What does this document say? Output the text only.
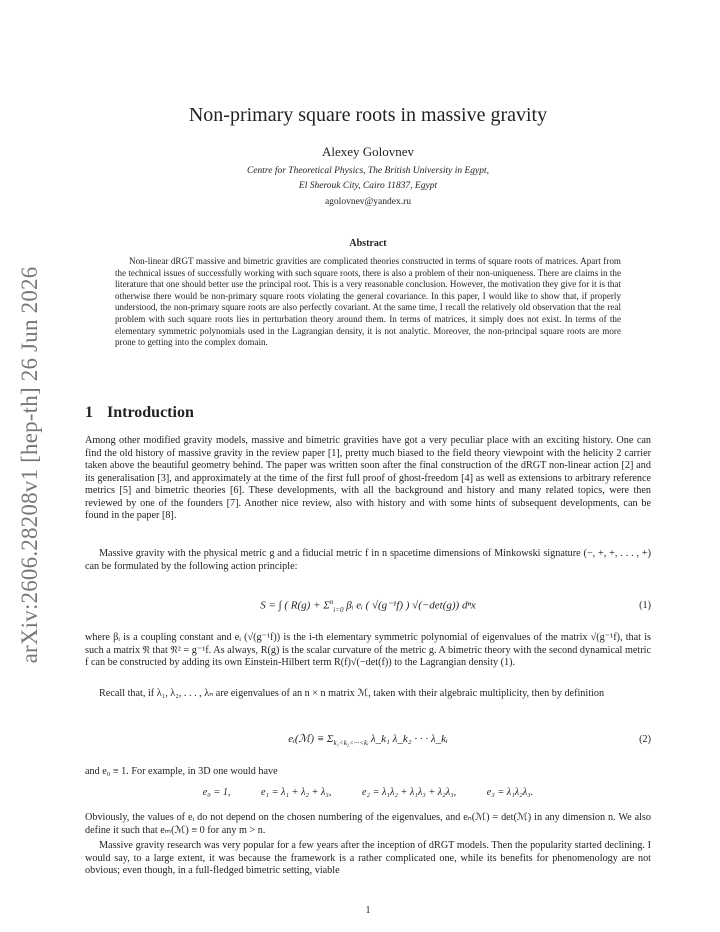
arXiv:2606.28208v1 [hep-th] 26 Jun 2026
Non-primary square roots in massive gravity
Alexey Golovnev
Centre for Theoretical Physics, The British University in Egypt,
El Sherouk City, Cairo 11837, Egypt
agolovnev@yandex.ru
Abstract
Non-linear dRGT massive and bimetric gravities are complicated theories constructed in terms of square roots of matrices. Apart from the technical issues of successfully working with such square roots, there is also a problem of their non-uniqueness. There are claims in the literature that one should better use the principal root. This is a very reasonable conclusion. However, the motivation they give for it is that otherwise there would be non-primary square roots violating the general covariance. In this paper, I would like to show that, if properly understood, the non-primary square roots are also perfectly covariant. At the same time, I recall the relatively old observation that the real problem with such square roots lies in perturbation theory around them. In terms of matrices, it simply does not exist. In terms of the elementary symmetric polynomials used in the Lagrangian density, it is not analytic. Moreover, the non-principal square roots are more prone to getting into the complex domain.
1 Introduction
Among other modified gravity models, massive and bimetric gravities have got a very peculiar place with an exciting history. One can find the old history of massive gravity in the review paper [1], pretty much biased to the field theory viewpoint with the helicity 2 carrier taken above the beautiful geometry behind. The paper was written soon after the final construction of the dRGT non-linear action [2] and its generalisation [3], and approximately at the time of the first full proof of ghost-freedom [4] as well as extensions to arbitrary reference metrics [5] and bimetric theories [6]. These developments, with all the background and history and many related topics, were then reviewed by one of the founders [7]. Another nice review, also with history and with some hints of subsequent developments, can be found in the paper [8].
Massive gravity with the physical metric g and a fiducial metric f in n spacetime dimensions of Minkowski signature (−, +, +, . . . , +) can be formulated by the following action principle:
S = ∫ ( $R(g) + \Sigma^n_{i=0}$ βᵢ eᵢ ( √(g⁻¹f) ) √(−det(g)) dⁿx	(1)
where βᵢ is a coupling constant and eᵢ (√(g⁻¹f)) is the i-th elementary symmetric polynomial of eigenvalues of the matrix √(g⁻¹f), that is such a matrix 𝔑 that 𝔑² = g⁻¹f. As always, R(g) is the scalar curvature of the metric g. A bimetric theory with the second dynamical metric f can be constructed by adding its own Einstein-Hilbert term R(f)√(−det(f)) to the Lagrangian density (1).
Recall that, if λ₁, λ₂, . . . , λₙ are eigenvalues of an n × n matrix ℳ, taken with their algebraic multiplicity, then by definition
eᵢ(ℳ) ≡ $\Sigma_{k_1<k_2<\cdot\cdot\cdot<kᵢ}$ λ_k₁ λ_k₂ · · · λ_kᵢ	(2)
and e₀ ≡ 1. For example, in 3D one would have
e₀ = 1,	e₁ = λ₁ + λ₂ + λ₃,	e₂ = λ₁λ₂ + λ₁λ₃ + λ₂λ₃,	e₃ = λ₁λ₂λ₃.
Obviously, the values of eᵢ do not depend on the chosen numbering of the eigenvalues, and eₙ(ℳ) = det(ℳ) in any dimension n. We also define it such that eₘ(ℳ) ≡ 0 for any m > n.
Massive gravity research was very popular for a few years after the inception of dRGT models. Then the popularity started declining. I would say, to a large extent, it was because the framework is a rather complicated one, while its benefits for phenomenology are not obvious; even though, in a full-fledged bimetric setting, viable
1
